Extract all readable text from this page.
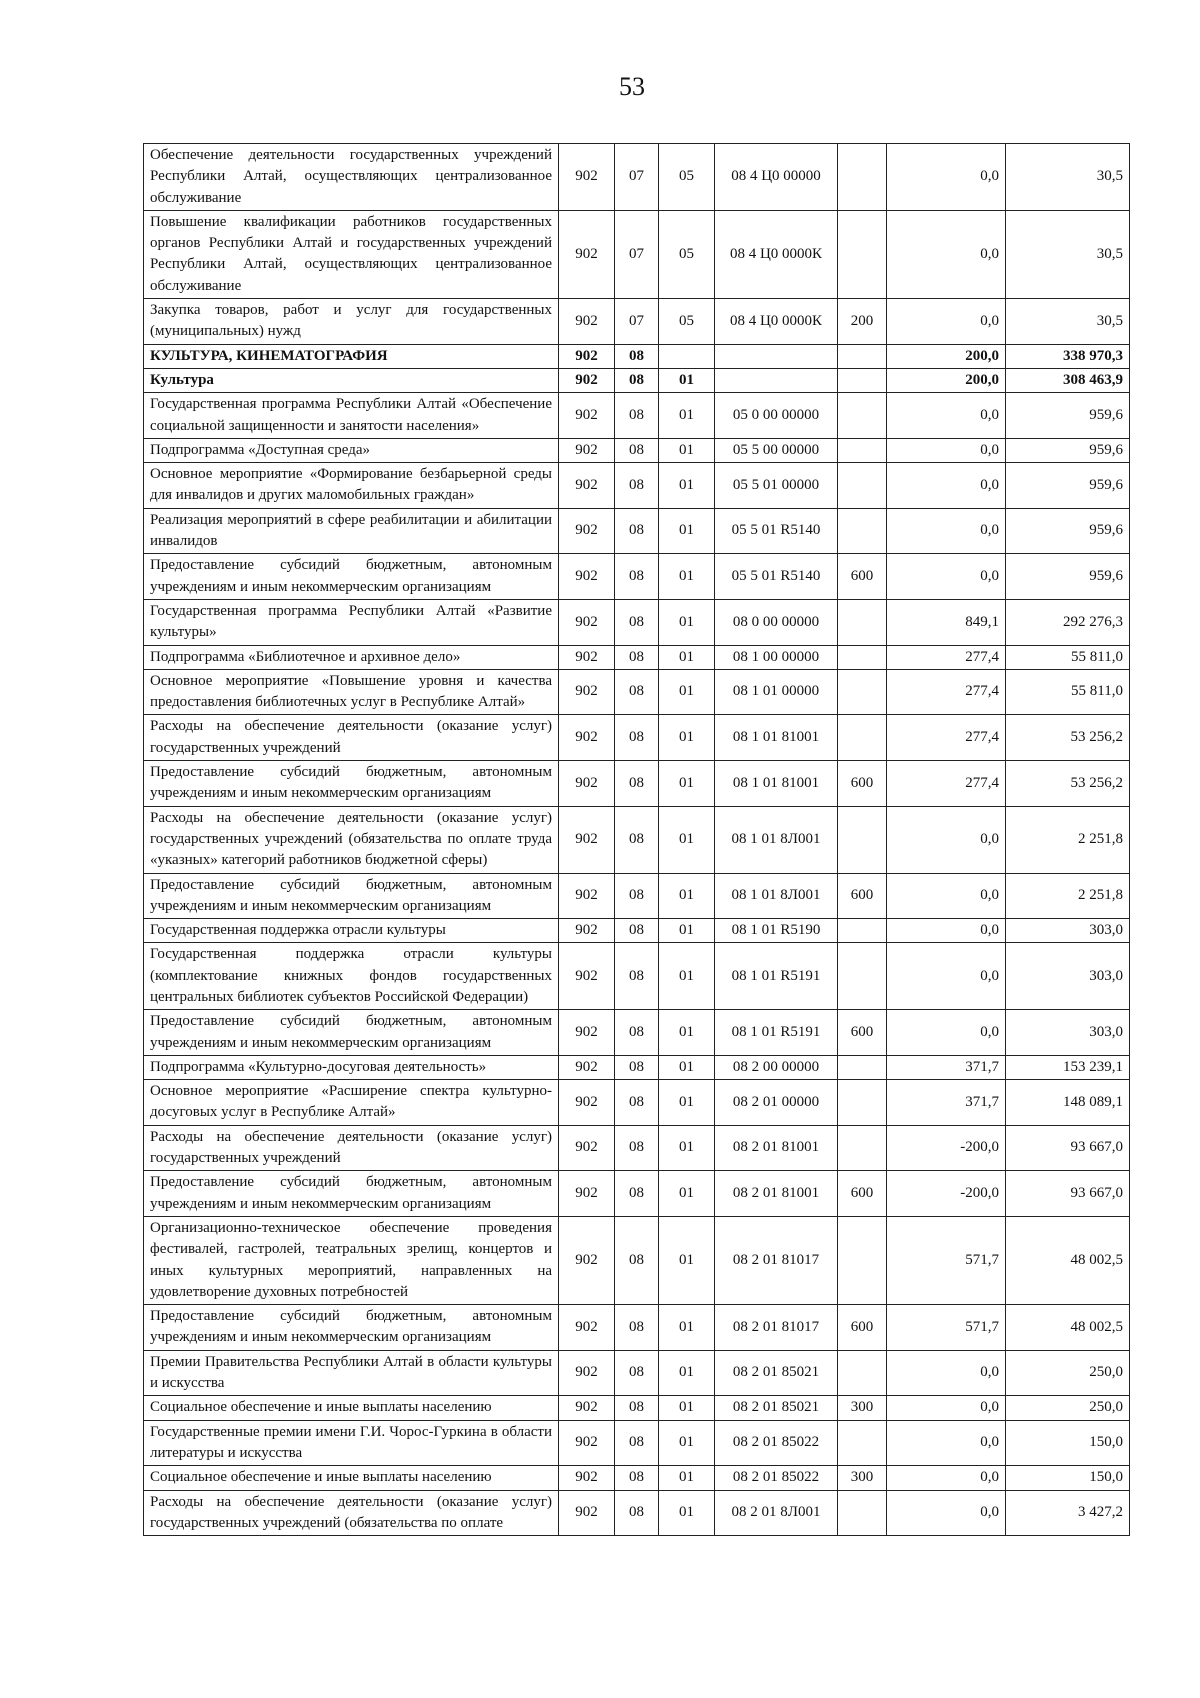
53
Обеспечение деятельности государственных учреждений Республики Алтай, осуществляющих централизованное обслуживание	902	07	05	08 4 Ц0 00000		0,0	30,5
Повышение квалификации работников государственных органов Республики Алтай и государственных учреждений Республики Алтай, осуществляющих централизованное обслуживание	902	07	05	08 4 Ц0 0000К		0,0	30,5
Закупка товаров, работ и услуг для государственных (муниципальных) нужд	902	07	05	08 4 Ц0 0000К	200	0,0	30,5
КУЛЬТУРА, КИНЕМАТОГРАФИЯ	902	08				200,0	338 970,3
Культура	902	08	01			200,0	308 463,9
Государственная программа Республики Алтай «Обеспечение социальной защищенности и занятости населения»	902	08	01	05 0 00 00000		0,0	959,6
Подпрограмма «Доступная среда»	902	08	01	05 5 00 00000		0,0	959,6
Основное мероприятие «Формирование безбарьерной среды для инвалидов и других маломобильных граждан»	902	08	01	05 5 01 00000		0,0	959,6
Реализация мероприятий в сфере реабилитации и абилитации инвалидов	902	08	01	05 5 01 R5140		0,0	959,6
Предоставление субсидий бюджетным, автономным учреждениям и иным некоммерческим организациям	902	08	01	05 5 01 R5140	600	0,0	959,6
Государственная программа Республики Алтай «Развитие культуры»	902	08	01	08 0 00 00000		849,1	292 276,3
Подпрограмма «Библиотечное и архивное дело»	902	08	01	08 1 00 00000		277,4	55 811,0
Основное мероприятие «Повышение уровня и качества предоставления библиотечных услуг в Республике Алтай»	902	08	01	08 1 01 00000		277,4	55 811,0
Расходы на обеспечение деятельности (оказание услуг) государственных учреждений	902	08	01	08 1 01 81001		277,4	53 256,2
Предоставление субсидий бюджетным, автономным учреждениям и иным некоммерческим организациям	902	08	01	08 1 01 81001	600	277,4	53 256,2
Расходы на обеспечение деятельности (оказание услуг) государственных учреждений (обязательства по оплате труда «указных» категорий работников бюджетной сферы)	902	08	01	08 1 01 8Л001		0,0	2 251,8
Предоставление субсидий бюджетным, автономным учреждениям и иным некоммерческим организациям	902	08	01	08 1 01 8Л001	600	0,0	2 251,8
Государственная поддержка отрасли культуры	902	08	01	08 1 01 R5190		0,0	303,0
Государственная поддержка отрасли культуры (комплектование книжных фондов государственных центральных библиотек субъектов Российской Федерации)	902	08	01	08 1 01 R5191		0,0	303,0
Предоставление субсидий бюджетным, автономным учреждениям и иным некоммерческим организациям	902	08	01	08 1 01 R5191	600	0,0	303,0
Подпрограмма «Культурно-досуговая деятельность»	902	08	01	08 2 00 00000		371,7	153 239,1
Основное мероприятие «Расширение спектра культурно-досуговых услуг в Республике Алтай»	902	08	01	08 2 01 00000		371,7	148 089,1
Расходы на обеспечение деятельности (оказание услуг) государственных учреждений	902	08	01	08 2 01 81001		-200,0	93 667,0
Предоставление субсидий бюджетным, автономным учреждениям и иным некоммерческим организациям	902	08	01	08 2 01 81001	600	-200,0	93 667,0
Организационно-техническое обеспечение проведения фестивалей, гастролей, театральных зрелищ, концертов и иных культурных мероприятий, направленных на удовлетворение духовных потребностей	902	08	01	08 2 01 81017		571,7	48 002,5
Предоставление субсидий бюджетным, автономным учреждениям и иным некоммерческим организациям	902	08	01	08 2 01 81017	600	571,7	48 002,5
Премии Правительства Республики Алтай в области культуры и искусства	902	08	01	08 2 01 85021		0,0	250,0
Социальное обеспечение и иные выплаты населению	902	08	01	08 2 01 85021	300	0,0	250,0
Государственные премии имени Г.И. Чорос-Гуркина в области литературы и искусства	902	08	01	08 2 01 85022		0,0	150,0
Социальное обеспечение и иные выплаты населению	902	08	01	08 2 01 85022	300	0,0	150,0
Расходы на обеспечение деятельности (оказание услуг) государственных учреждений (обязательства по оплате	902	08	01	08 2 01 8Л001		0,0	3 427,2
